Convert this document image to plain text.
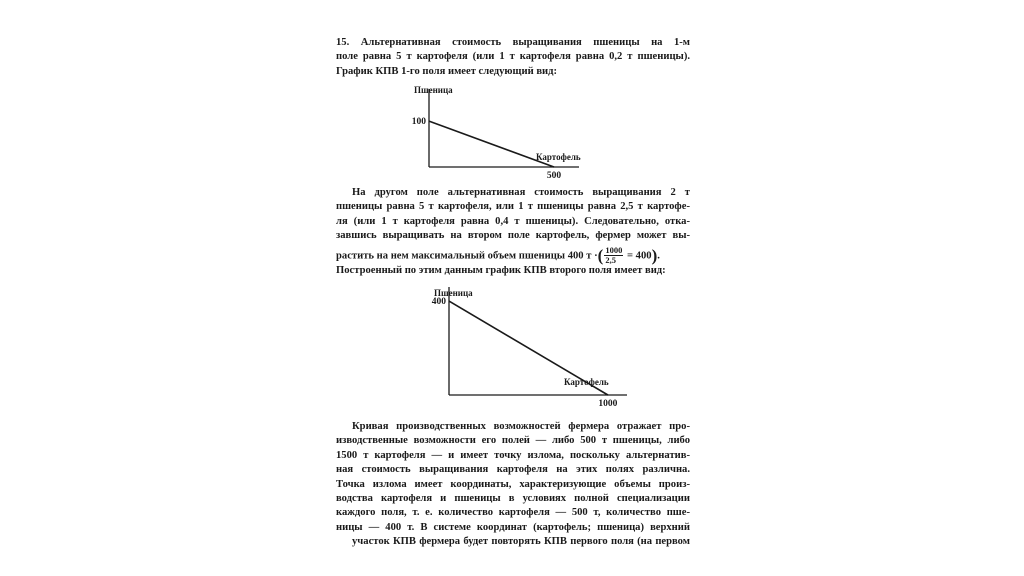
15. Альтернативная стоимость выращивания пшеницы на 1-м
поле равна 5 т картофеля (или 1 т картофеля равна 0,2 т пшеницы).
График КПВ 1-го поля имеет следующий вид:
Пшеница
Картофель
100
500
На другом поле альтернативная стоимость выращивания 2 т
пшеницы равна 5 т картофеля, или 1 т пшеницы равна 2,5 т картофе-
ля (или 1 т картофеля равна 0,4 т пшеницы). Следовательно, отка-
завшись выращивать на втором поле картофель, фермер может вы-
растить на нем максимальный объем пшеницы 400 т ·( $\frac{1000}{2,5} = 400$).
Построенный по этим данным график КПВ второго поля имеет вид:
Пшеница
Картофель
400
1000
Кривая производственных возможностей фермера отражает про-
изводственные возможности его полей — либо 500 т пшеницы, либо
1500 т картофеля — и имеет точку излома, поскольку альтернатив-
ная стоимость выращивания картофеля на этих полях различна.
Точка излома имеет координаты, характеризующие объемы произ-
водства картофеля и пшеницы в условиях полной специализации
каждого поля, т. е. количество картофеля — 500 т, количество пше-
ницы — 400 т. В системе координат (картофель; пшеница) верхний
участок КПВ фермера будет повторять КПВ первого поля (на первом
